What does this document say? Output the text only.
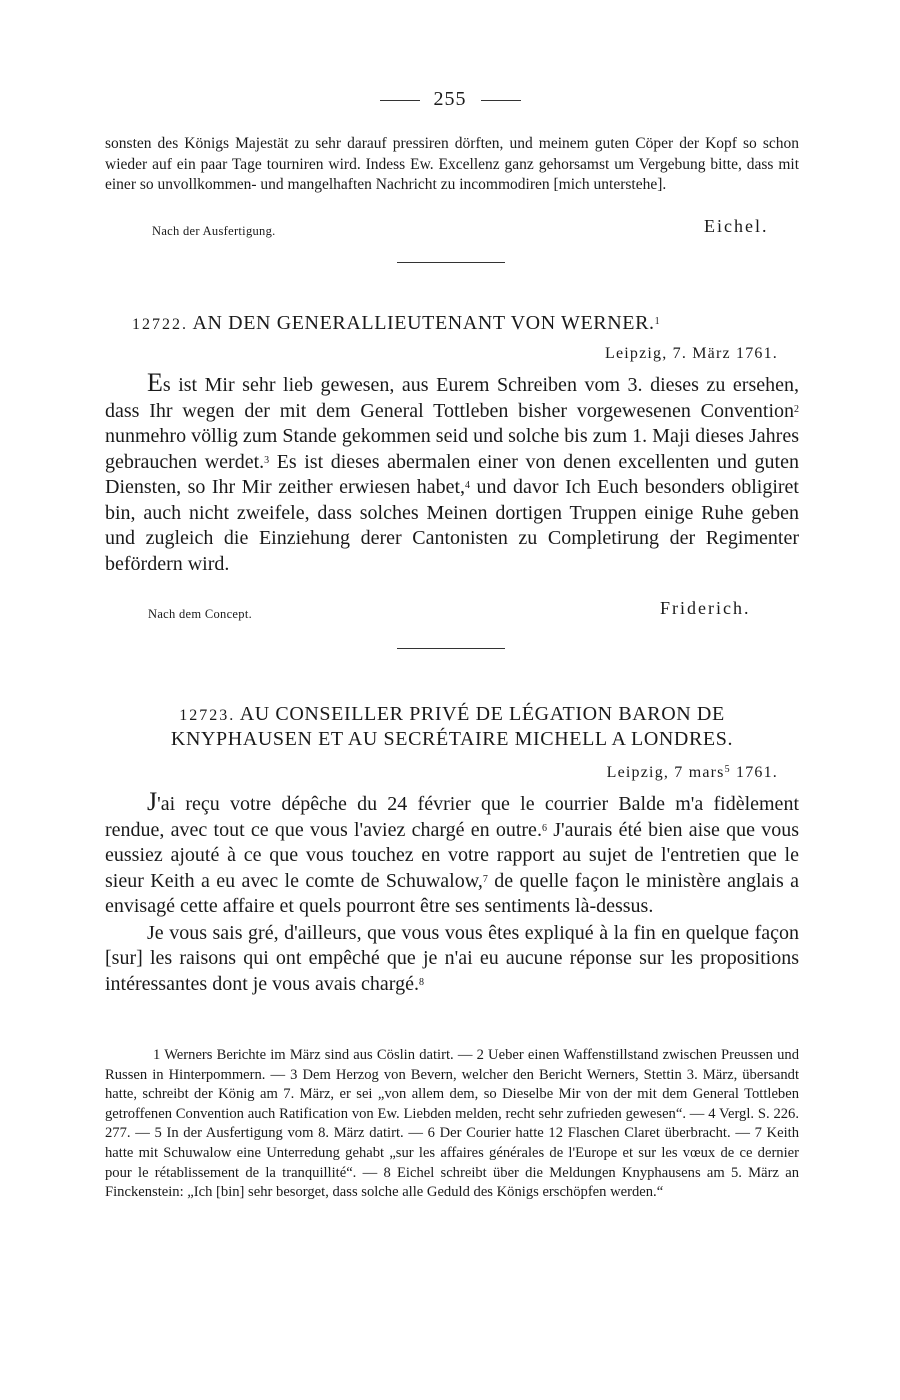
255
sonsten des Königs Majestät zu sehr darauf pressiren dörften, und meinem guten Cöper der Kopf so schon wieder auf ein paar Tage tourniren wird. Indess Ew. Excellenz ganz gehorsamst um Vergebung bitte, dass mit einer so unvollkommen- und mangelhaften Nachricht zu incommodiren [mich unterstehe].
Nach der Ausfertigung.	Eichel.
12722. AN DEN GENERALLIEUTENANT VON WERNER.$^1$
Leipzig, 7. März 1761.
Es ist Mir sehr lieb gewesen, aus Eurem Schreiben vom 3. dieses zu ersehen, dass Ihr wegen der mit dem General Tottleben bisher vorgewesenen Convention$^2$ nunmehro völlig zum Stande gekommen seid und solche bis zum 1. Maji dieses Jahres gebrauchen werdet.$^3$ Es ist dieses abermalen einer von denen excellenten und guten Diensten, so Ihr Mir zeither erwiesen habet,$^4$ und davor Ich Euch besonders obligiret bin, auch nicht zweifele, dass solches Meinen dortigen Truppen einige Ruhe geben und zugleich die Einziehung derer Cantonisten zu Completirung der Regimenter befördern wird.
Nach dem Concept.	Friderich.
12723. AU CONSEILLER PRIVÉ DE LÉGATION BARON DE
KNYPHAUSEN ET AU SECRÉTAIRE MICHELL A LONDRES.
Leipzig, 7 mars$^5$ 1761.
J'ai reçu votre dépêche du 24 février que le courrier Balde m'a fidèlement rendue, avec tout ce que vous l'aviez chargé en outre.$^6$ J'aurais été bien aise que vous eussiez ajouté à ce que vous touchez en votre rapport au sujet de l'entretien que le sieur Keith a eu avec le comte de Schuwalow,$^7$ de quelle façon le ministère anglais a envisagé cette affaire et quels pourront être ses sentiments là-dessus.
Je vous sais gré, d'ailleurs, que vous vous êtes expliqué à la fin en quelque façon [sur] les raisons qui ont empêché que je n'ai eu aucune réponse sur les propositions intéressantes dont je vous avais chargé.$^8$
1 Werners Berichte im März sind aus Cöslin datirt. — 2 Ueber einen Waffenstillstand zwischen Preussen und Russen in Hinterpommern. — 3 Dem Herzog von Bevern, welcher den Bericht Werners, Stettin 3. März, übersandt hatte, schreibt der König am 7. März, er sei „von allem dem, so Dieselbe Mir von der mit dem General Tottleben getroffenen Convention auch Ratification von Ew. Liebden melden, recht sehr zufrieden gewesen“. — 4 Vergl. S. 226. 277. — 5 In der Ausfertigung vom 8. März datirt. — 6 Der Courier hatte 12 Flaschen Claret überbracht. — 7 Keith hatte mit Schuwalow eine Unterredung gehabt „sur les affaires générales de l'Europe et sur les vœux de ce dernier pour le rétablissement de la tranquillité“. — 8 Eichel schreibt über die Meldungen Knyphausens am 5. März an Finckenstein: „Ich [bin] sehr besorget, dass solche alle Geduld des Königs erschöpfen werden.“
